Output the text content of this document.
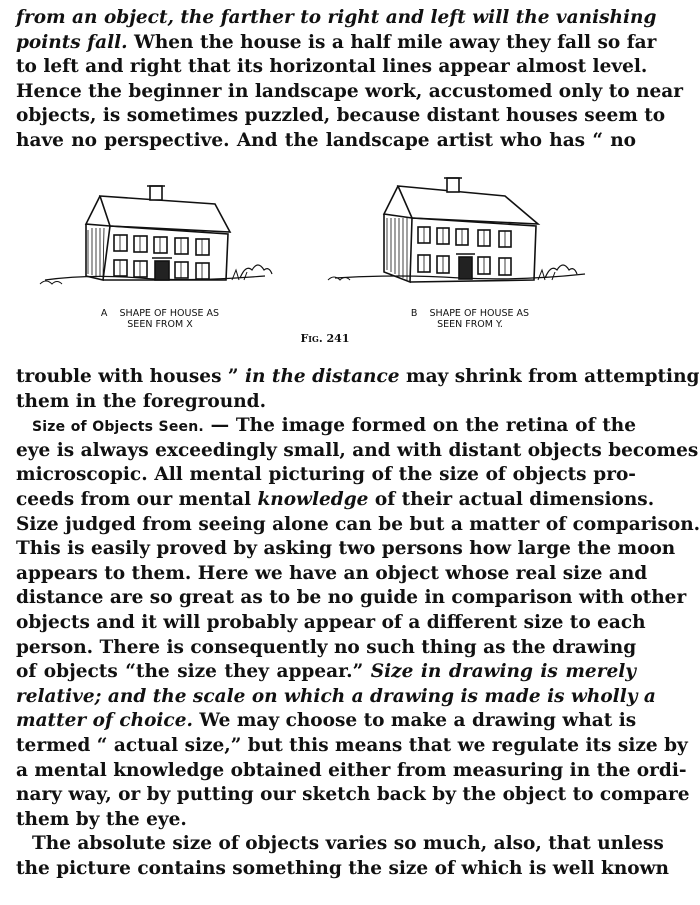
from an object, the farther to right and left will the vanishing
points fall. When the house is a half mile away they fall so far
to left and right that its horizontal lines appear almost level.
Hence the beginner in landscape work, accustomed only to near
objects, is sometimes puzzled, because distant houses seem to
have no perspective. And the landscape artist who has “ no
A SHAPE OF HOUSE AS
SEEN FROM X
B SHAPE OF HOUSE AS
SEEN FROM Y.
Fig. 241
trouble with houses ” in the distance may shrink from attempting
them in the foreground.
Size of Objects Seen. — The image formed on the retina of the
eye is always exceedingly small, and with distant objects becomes
microscopic. All mental picturing of the size of objects pro-
ceeds from our mental knowledge of their actual dimensions.
Size judged from seeing alone can be but a matter of comparison.
This is easily proved by asking two persons how large the moon
appears to them. Here we have an object whose real size and
distance are so great as to be no guide in comparison with other
objects and it will probably appear of a different size to each
person. There is consequently no such thing as the drawing
of objects “the size they appear.” Size in drawing is merely
relative; and the scale on which a drawing is made is wholly a
matter of choice. We may choose to make a drawing what is
termed “ actual size,” but this means that we regulate its size by
a mental knowledge obtained either from measuring in the ordi-
nary way, or by putting our sketch back by the object to compare
them by the eye.
The absolute size of objects varies so much, also, that unless
the picture contains something the size of which is well known
